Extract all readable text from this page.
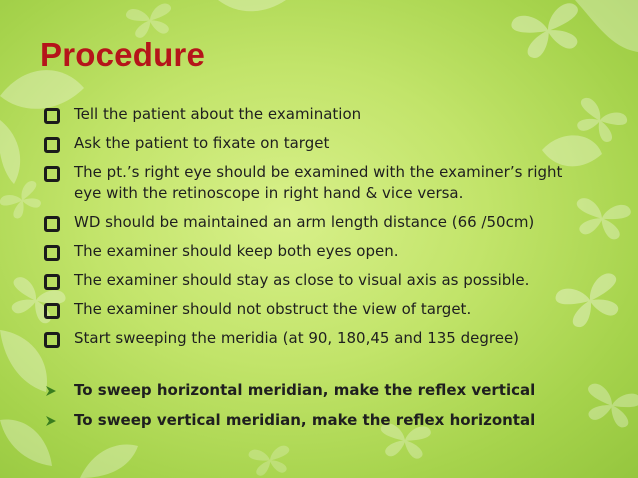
Procedure
Tell the patient about the examination
Ask the patient to fixate on target
The pt.’s right eye should be examined with the examiner’s right eye with the retinoscope in right hand & vice versa.
WD should be maintained an arm length distance (66 /50cm)
The examiner should keep both eyes open.
The examiner should stay as close to visual axis as possible.
The examiner should not obstruct the view of target.
Start sweeping the meridia (at 90, 180,45 and 135 degree)
To sweep horizontal meridian, make the reflex vertical
To sweep vertical meridian, make the reflex horizontal
